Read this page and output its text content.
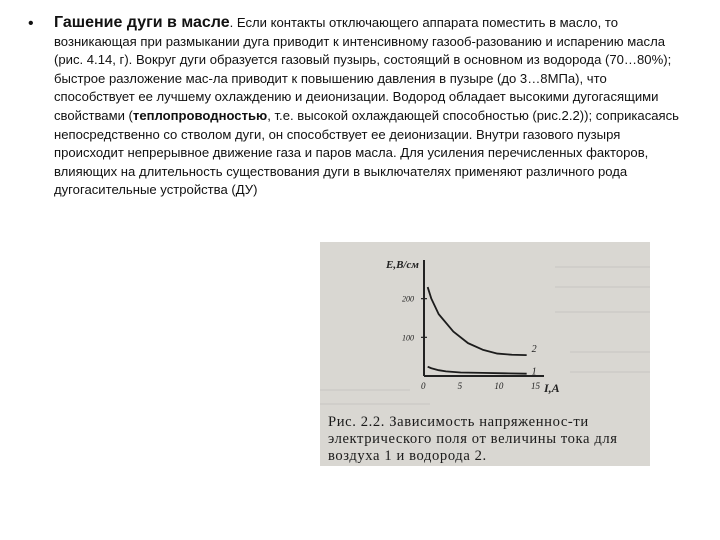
• Гашение дуги в масле. Если контакты отключающего аппарата поместить в масло, то возникающая при размыкании дуга приводит к интенсивному газооб-разованию и испарению масла (рис. 4.14, г). Вокруг дуги образуется газовый пузырь, состоящий в основном из водорода (70…80%); быстрое разложение мас-ла приводит к повышению давления в пузыре (до 3…8МПа), что способствует ее лучшему охлаждению и деионизации. Водород обладает высокими дугогасящими свойствами (теплопроводностью, т.е. высокой охлаждающей способностью (рис.2.2)); соприкасаясь непосредственно со стволом дуги, он способствует ее деионизации. Внутри газового пузыря происходит непрерывное движение газа и паров масла. Для усиления перечисленных факторов, влияющих на длительность существования дуги в выключателях применяют различного рода дугогасительные устройства (ДУ)
0	5	10	15
100
200
1
2
E,B/см
I,A
Рис. 2.2. Зависимость напряженнос-ти электрического поля от величины тока для воздуха 1 и водорода 2.
